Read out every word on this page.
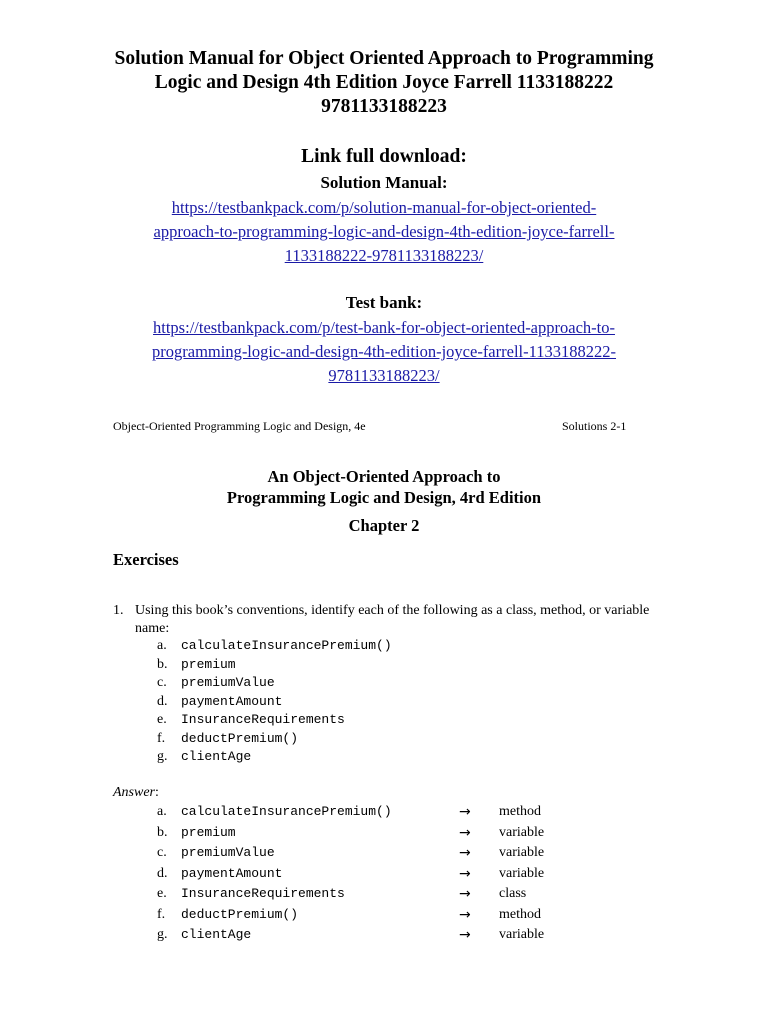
Solution Manual for Object Oriented Approach to Programming
Logic and Design 4th Edition Joyce Farrell 1133188222
9781133188223
Link full download:
Solution Manual:
https://testbankpack.com/p/solution-manual-for-object-oriented-
approach-to-programming-logic-and-design-4th-edition-joyce-farrell-
1133188222-9781133188223/
Test bank:
https://testbankpack.com/p/test-bank-for-object-oriented-approach-to-
programming-logic-and-design-4th-edition-joyce-farrell-1133188222-
9781133188223/
Object-Oriented Programming Logic and Design, 4e	Solutions 2-1
An Object-Oriented Approach to
Programming Logic and Design, 4rd Edition
Chapter 2
Exercises
1. Using this book’s conventions, identify each of the following as a class, method, or variable name:
a. calculateInsurancePremium()
b. premium
c. premiumValue
d. paymentAmount
e. InsuranceRequirements
f. deductPremium()
g. clientAge
Answer:
a. calculateInsurancePremium()	→ method
b. premium	→ variable
c. premiumValue	→ variable
d. paymentAmount	→ variable
e. InsuranceRequirements	→ class
f. deductPremium()	→ method
g. clientAge	→ variable
